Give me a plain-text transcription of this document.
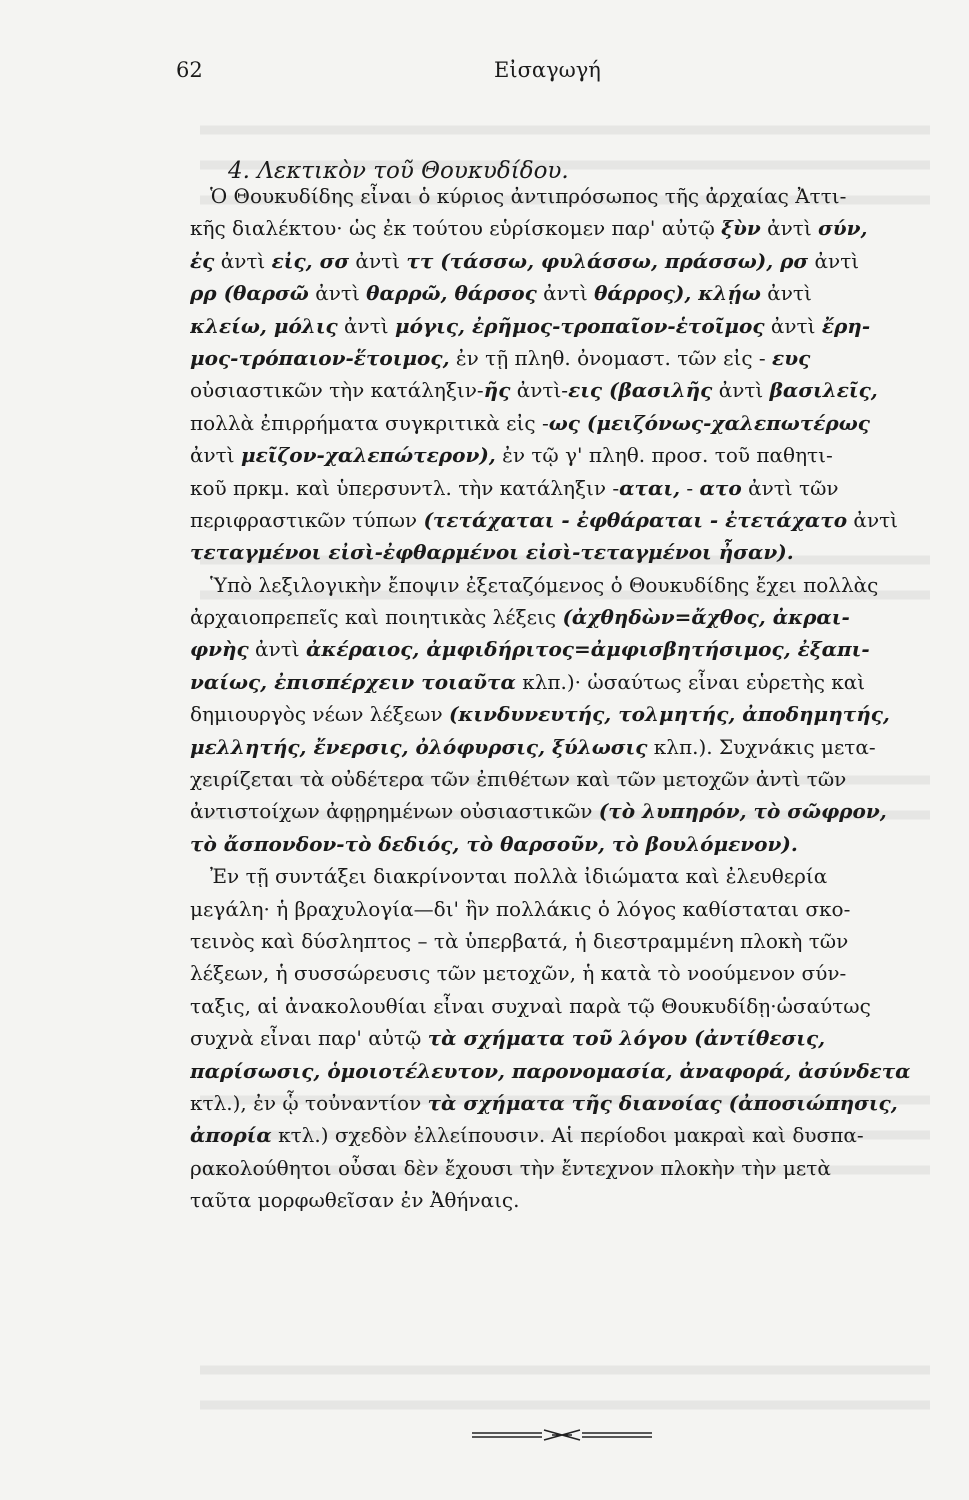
62	Εἰσαγωγή
4. Λεκτικὸν τοῦ Θουκυδίδου.
Ὁ Θουκυδίδης εἶναι ὁ κύριος ἀντιπρόσωπος τῆς ἀρχαίας Ἀττι-
κῆς διαλέκτου· ὡς ἐκ τούτου εὑρίσκομεν παρ' αὐτῷ ξὺν ἀντὶ σύν,
ἐς ἀντὶ εἰς, σσ ἀντὶ ττ (τάσσω, φυλάσσω, πράσσω), ρσ ἀντὶ
ρρ (θαρσῶ ἀντὶ θαρρῶ, θάρσος ἀντὶ θάρρος), κλῄω ἀντὶ
κλείω, μόλις ἀντὶ μόγις, ἐρῆμος-τροπαῖον-ἑτοῖμος ἀντὶ ἔρη-
μος-τρόπαιον-ἕτοιμος, ἐν τῇ πληθ. ὀνομαστ. τῶν εἰς - ευς
οὐσιαστικῶν τὴν κατάληξιν-ῆς ἀντὶ-εις (βασιλῆς ἀντὶ βασιλεῖς,
πολλὰ ἐπιρρήματα συγκριτικὰ εἰς -ως (μειζόνως-χαλεπωτέρως
ἀντὶ μεῖζον-χαλεπώτερον), ἐν τῷ γ' πληθ. προσ. τοῦ παθητι-
κοῦ πρκμ. καὶ ὑπερσυντλ. τὴν κατάληξιν -αται, - ατο ἀντὶ τῶν
περιφραστικῶν τύπων (τετάχαται - ἐφθάραται - ἐτετάχατο ἀντὶ
τεταγμένοι εἰσὶ-ἐφθαρμένοι εἰσὶ-τεταγμένοι ἦσαν).
Ὑπὸ λεξιλογικὴν ἔποψιν ἐξεταζόμενος ὁ Θουκυδίδης ἔχει πολλὰς
ἀρχαιοπρεπεῖς καὶ ποιητικὰς λέξεις (ἀχθηδὼν=ἄχθος, ἀκραι-
φνὴς ἀντὶ ἀκέραιος, ἀμφιδήριτος=ἀμφισβητήσιμος, ἐξαπι-
ναίως, ἐπισπέρχειν τοιαῦτα κλπ.)· ὡσαύτως εἶναι εὑρετὴς καὶ
δημιουργὸς νέων λέξεων (κινδυνευτής, τολμητής, ἀποδημητής,
μελλητής, ἔνερσις, ὀλόφυρσις, ξύλωσις κλπ.). Συχνάκις μετα-
χειρίζεται τὰ οὐδέτερα τῶν ἐπιθέτων καὶ τῶν μετοχῶν ἀντὶ τῶν
ἀντιστοίχων ἀφῃρημένων οὐσιαστικῶν (τὸ λυπηρόν, τὸ σῶφρον,
τὸ ἄσπονδον-τὸ δεδιός, τὸ θαρσοῦν, τὸ βουλόμενον).
Ἐν τῇ συντάξει διακρίνονται πολλὰ ἰδιώματα καὶ ἐλευθερία
μεγάλη· ἡ βραχυλογία—δι' ἣν πολλάκις ὁ λόγος καθίσταται σκο-
τεινὸς καὶ δύσληπτος – τὰ ὑπερβατά, ἡ διεστραμμένη πλοκὴ τῶν
λέξεων, ἡ συσσώρευσις τῶν μετοχῶν, ἡ κατὰ τὸ νοούμενον σύν-
ταξις, αἱ ἀνακολουθίαι εἶναι συχναὶ παρὰ τῷ Θουκυδίδῃ·ὡσαύτως
συχνὰ εἶναι παρ' αὐτῷ τὰ σχήματα τοῦ λόγου (ἀντίθεσις,
παρίσωσις, ὁμοιοτέλευτον, παρονομασία, ἀναφορά, ἀσύνδετα
κτλ.), ἐν ᾧ τοὐναντίον τὰ σχήματα τῆς διανοίας (ἀποσιώπησις,
ἀπορία κτλ.) σχεδὸν ἐλλείπουσιν. Αἱ περίοδοι μακραὶ καὶ δυσπα-
ρακολούθητοι οὖσαι δὲν ἔχουσι τὴν ἔντεχνον πλοκὴν τὴν μετὰ
ταῦτα μορφωθεῖσαν ἐν Ἀθήναις.
